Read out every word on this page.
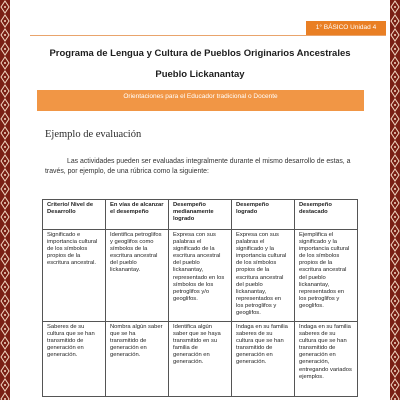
1° BÁSICO Unidad 4
Programa de Lengua y Cultura de Pueblos Originarios Ancestrales
Pueblo Lickanantay
Orientaciones para el Educador tradicional o Docente
Ejemplo de evaluación
Las actividades pueden ser evaluadas integralmente durante el mismo desarrollo de estas, a través, por ejemplo, de una rúbrica como la siguiente:
Criterio/ Nivel de Desarrollo	En vías de alcanzar el desempeño	Desempeño medianamente logrado	Desempeño logrado	Desempeño destacado
Significado e importancia cultural de los símbolos propios de la escritura ancestral.	Identifica petroglifos y geoglifos como símbolos de la escritura ancestral del pueblo lickanantay.	Expresa con sus palabras el significado de la escritura ancestral del pueblo lickanantay, representado en los símbolos de los petroglifos y/o geoglifos.	Expresa con sus palabras el significado y la importancia cultural de los símbolos propios de la escritura ancestral del pueblo lickanantay, representados en los petroglifos y geoglifos.	Ejemplifica el significado y la importancia cultural de los símbolos propios de la escritura ancestral del pueblo lickanantay, representados en los petroglifos y geoglifos.
Saberes de su cultura que se han transmitido de generación en generación.	Nombra algún saber que se ha transmitido de generación en generación.	Identifica algún saber que se haya transmitido en su familia de generación en generación.	Indaga en su familia saberes de su cultura que se han transmitido de generación en generación.	Indaga en su familia saberes de su cultura que se han transmitido de generación en generación, entregando variados ejemplos.
